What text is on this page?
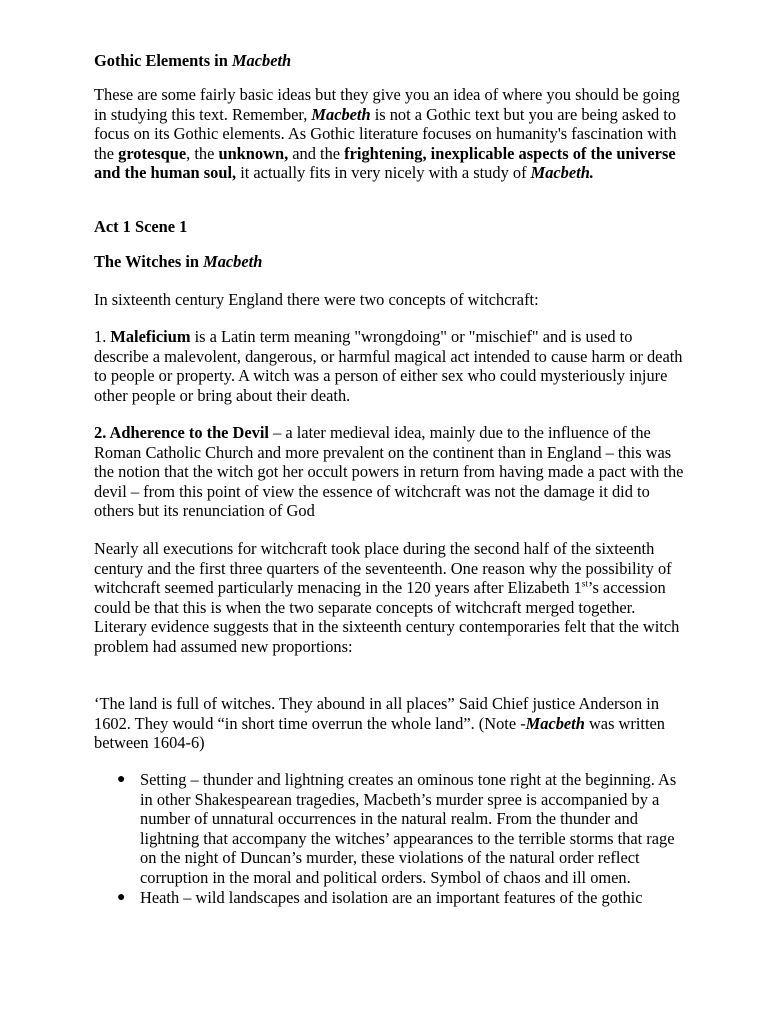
Gothic Elements in Macbeth

These are some fairly basic ideas but they give you an idea of where you should be going in studying this text. Remember, Macbeth is not a Gothic text but you are being asked to focus on its Gothic elements. As Gothic literature focuses on humanity's fascination with the grotesque, the unknown, and the frightening, inexplicable aspects of the universe and the human soul, it actually fits in very nicely with a study of Macbeth.

Act 1 Scene 1

The Witches in Macbeth

In sixteenth century England there were two concepts of witchcraft:

1. Maleficium is a Latin term meaning "wrongdoing" or "mischief" and is used to describe a malevolent, dangerous, or harmful magical act intended to cause harm or death to people or property. A witch was a person of either sex who could mysteriously injure other people or bring about their death.

2. Adherence to the Devil – a later medieval idea, mainly due to the influence of the Roman Catholic Church and more prevalent on the continent than in England – this was the notion that the witch got her occult powers in return from having made a pact with the devil – from this point of view the essence of witchcraft was not the damage it did to others but its renunciation of God

Nearly all executions for witchcraft took place during the second half of the sixteenth century and the first three quarters of the seventeenth. One reason why the possibility of witchcraft seemed particularly menacing in the 120 years after Elizabeth 1st’s accession could be that this is when the two separate concepts of witchcraft merged together. Literary evidence suggests that in the sixteenth century contemporaries felt that the witch problem had assumed new proportions:

‘The land is full of witches. They abound in all places” Said Chief justice Anderson in 1602. They would “in short time overrun the whole land”. (Note -Macbeth was written between 1604-6)

● Setting – thunder and lightning creates an ominous tone right at the beginning. As in other Shakespearean tragedies, Macbeth’s murder spree is accompanied by a number of unnatural occurrences in the natural realm. From the thunder and lightning that accompany the witches’ appearances to the terrible storms that rage on the night of Duncan’s murder, these violations of the natural order reflect corruption in the moral and political orders. Symbol of chaos and ill omen.
● Heath – wild landscapes and isolation are an important features of the gothic
